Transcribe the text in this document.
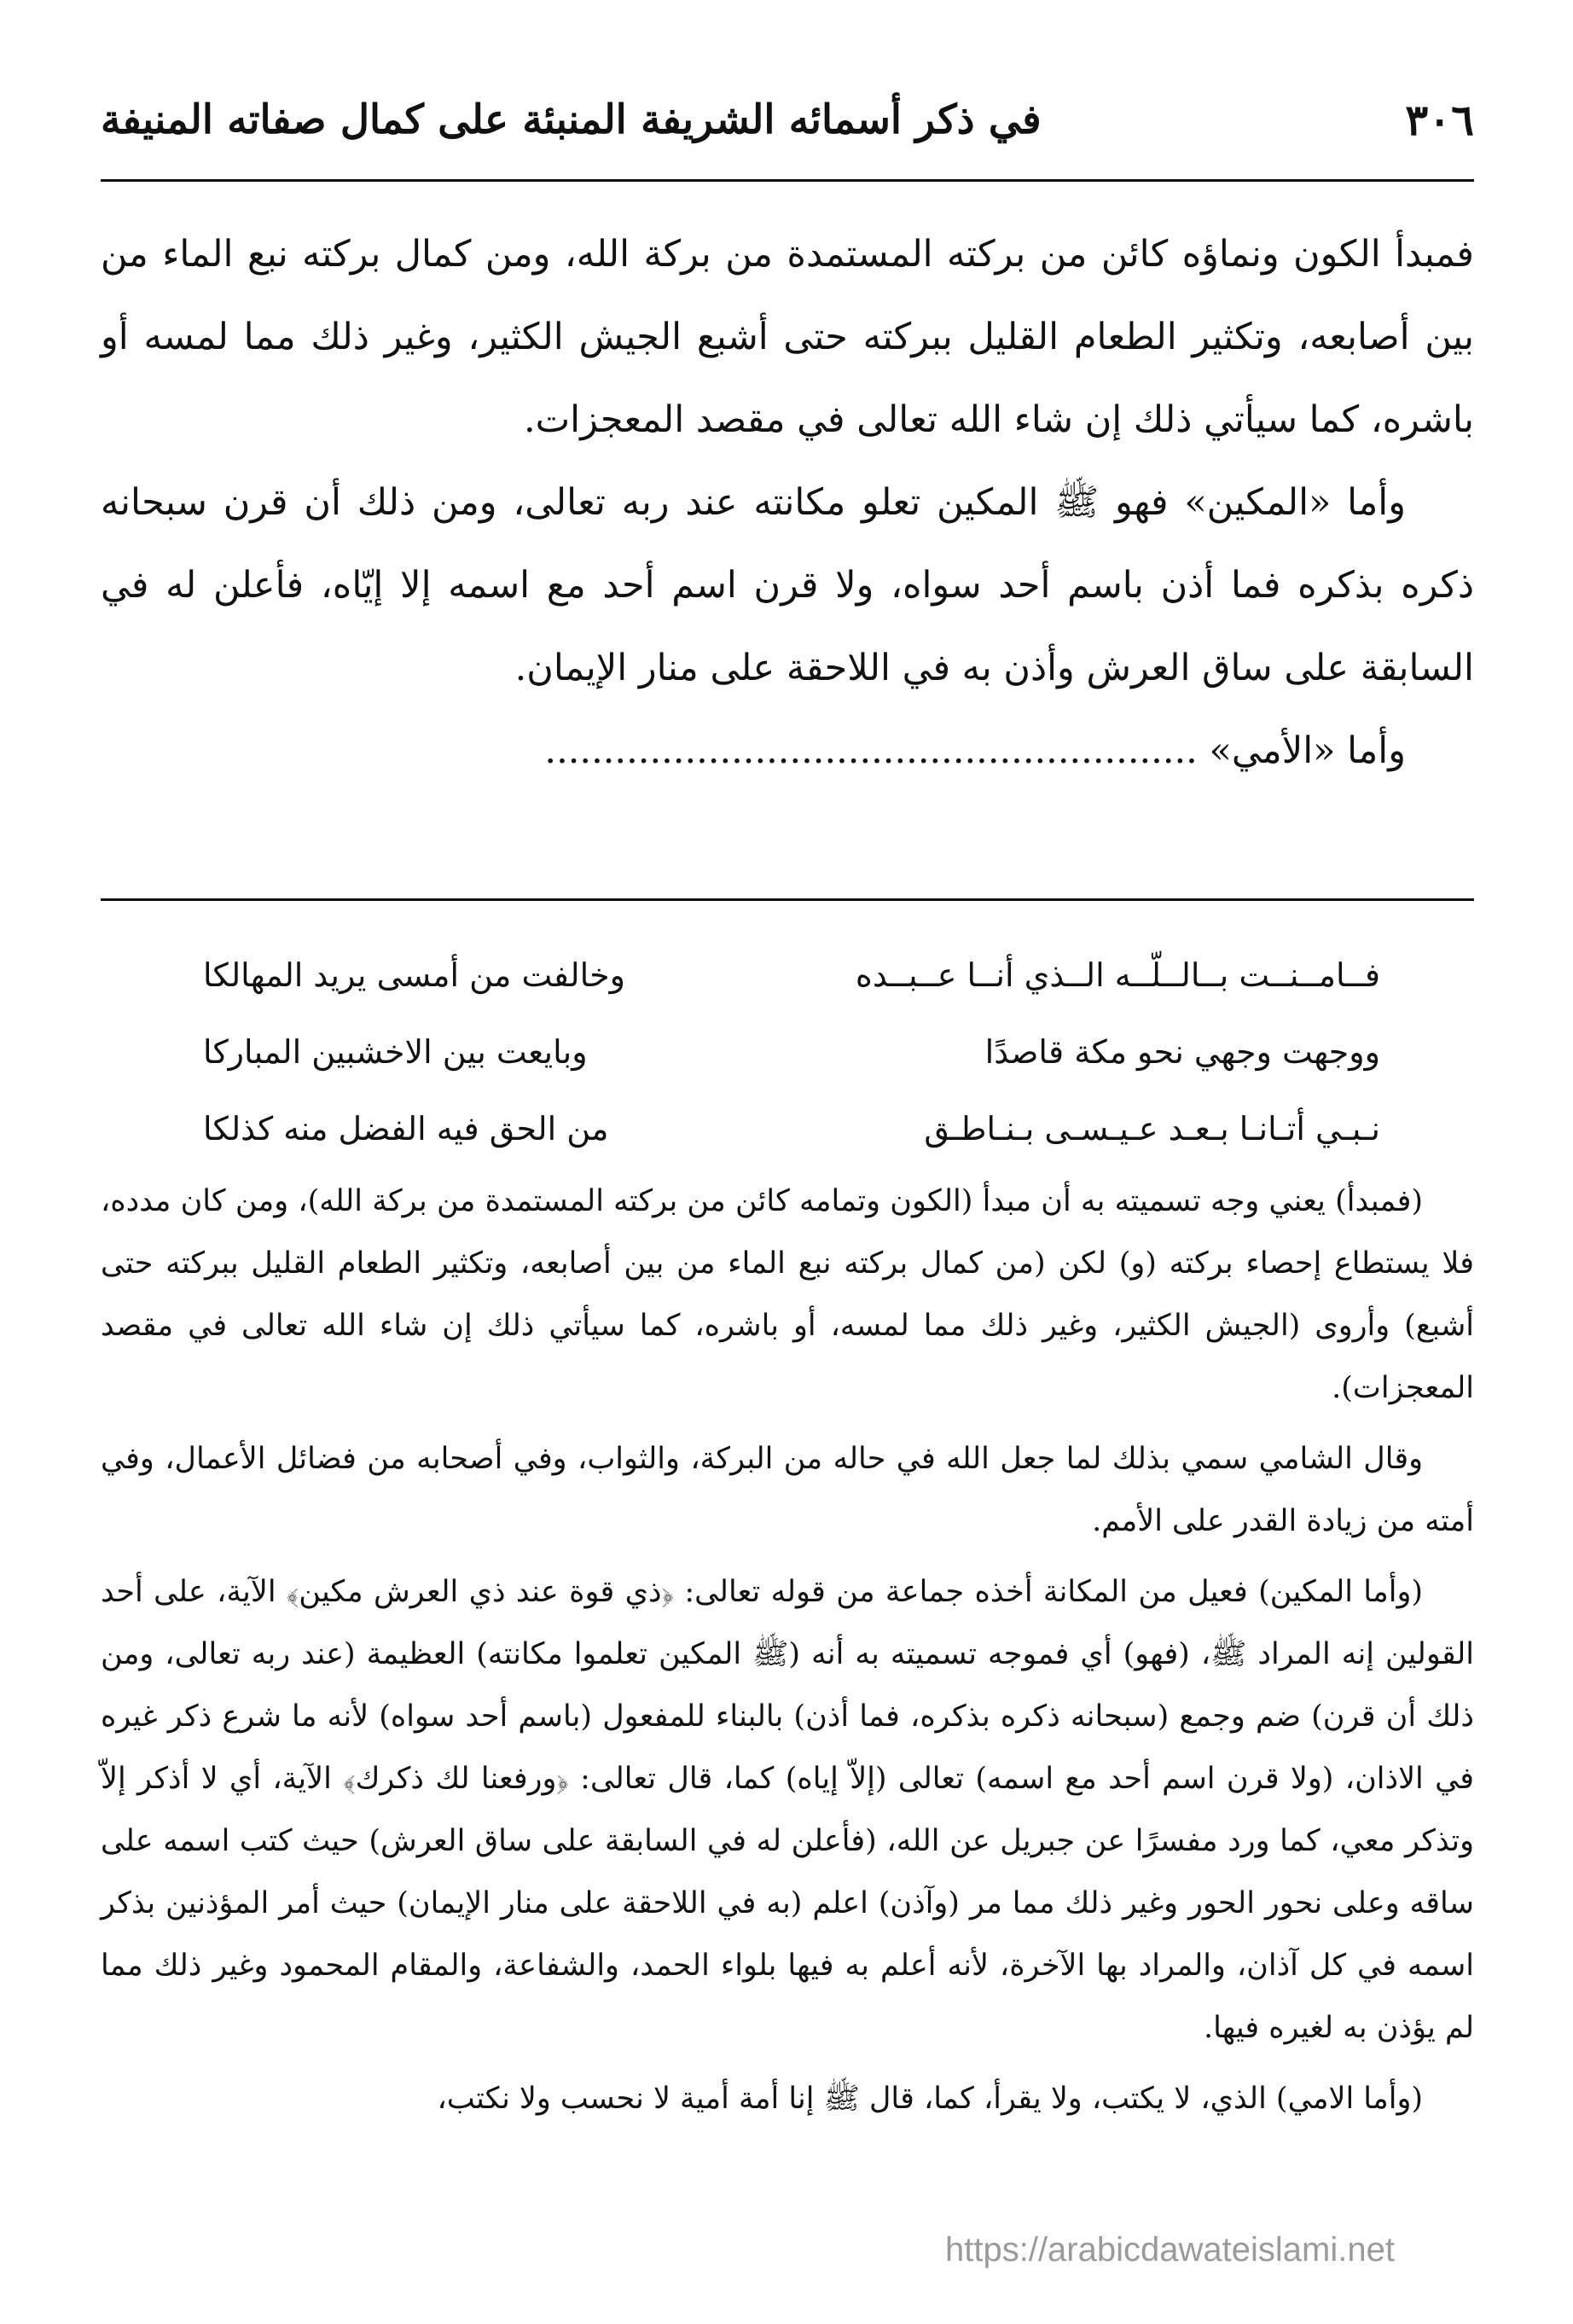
٣٠٦
في ذكر أسمائه الشريفة المنبئة على كمال صفاته المنيفة

فمبدأ الكون ونماؤه كائن من بركته المستمدة من بركة الله، ومن كمال بركته نبع الماء من بين أصابعه، وتكثير الطعام القليل ببركته حتى أشبع الجيش الكثير، وغير ذلك مما لمسه أو باشره، كما سيأتي ذلك إن شاء الله تعالى في مقصد المعجزات.

وأما «المكين» فهو ﷺ المكين تعلو مكانته عند ربه تعالى، ومن ذلك أن قرن سبحانه ذكره بذكره فما أذن باسم أحد سواه، ولا قرن اسم أحد مع اسمه إلا إيّاه، فأعلن له في السابقة على ساق العرش وأذن به في اللاحقة على منار الإيمان.

وأما «الأمي» ........................................................

فــامــنــت بــالــلّــه الــذي أنــا عــبــده
وخالفت من أمسى يريد المهالكا
ووجهت وجهي نحو مكة قاصدًا
وبايعت بين الاخشبين المباركا
نـبـي أتـانـا بـعـد عـيـسـى بـنـاطـق
من الحق فيه الفضل منه كذلكا

(فمبدأ) يعني وجه تسميته به أن مبدأ (الكون وتمامه كائن من بركته المستمدة من بركة الله)، ومن كان مدده، فلا يستطاع إحصاء بركته (و) لكن (من كمال بركته نبع الماء من بين أصابعه، وتكثير الطعام القليل ببركته حتى أشبع) وأروى (الجيش الكثير، وغير ذلك مما لمسه، أو باشره، كما سيأتي ذلك إن شاء الله تعالى في مقصد المعجزات).

وقال الشامي سمي بذلك لما جعل الله في حاله من البركة، والثواب، وفي أصحابه من فضائل الأعمال، وفي أمته من زيادة القدر على الأمم.

(وأما المكين) فعيل من المكانة أخذه جماعة من قوله تعالى: ﴿ذي قوة عند ذي العرش مكين﴾ الآية، على أحد القولين إنه المراد ﷺ، (فهو) أي فموجه تسميته به أنه (ﷺ المكين تعلموا مكانته) العظيمة (عند ربه تعالى، ومن ذلك أن قرن) ضم وجمع (سبحانه ذكره بذكره، فما أذن) بالبناء للمفعول (باسم أحد سواه) لأنه ما شرع ذكر غيره في الاذان، (ولا قرن اسم أحد مع اسمه) تعالى (إلاّ إياه) كما، قال تعالى: ﴿ورفعنا لك ذكرك﴾ الآية، أي لا أذكر إلاّ وتذكر معي، كما ورد مفسرًا عن جبريل عن الله، (فأعلن له في السابقة على ساق العرش) حيث كتب اسمه على ساقه وعلى نحور الحور وغير ذلك مما مر (وآذن) اعلم (به في اللاحقة على منار الإيمان) حيث أمر المؤذنين بذكر اسمه في كل آذان، والمراد بها الآخرة، لأنه أعلم به فيها بلواء الحمد، والشفاعة، والمقام المحمود وغير ذلك مما لم يؤذن به لغيره فيها.

(وأما الامي) الذي، لا يكتب، ولا يقرأ، كما، قال ﷺ إنا أمة أمية لا نحسب ولا نكتب،

https://arabicdawateislami.net
